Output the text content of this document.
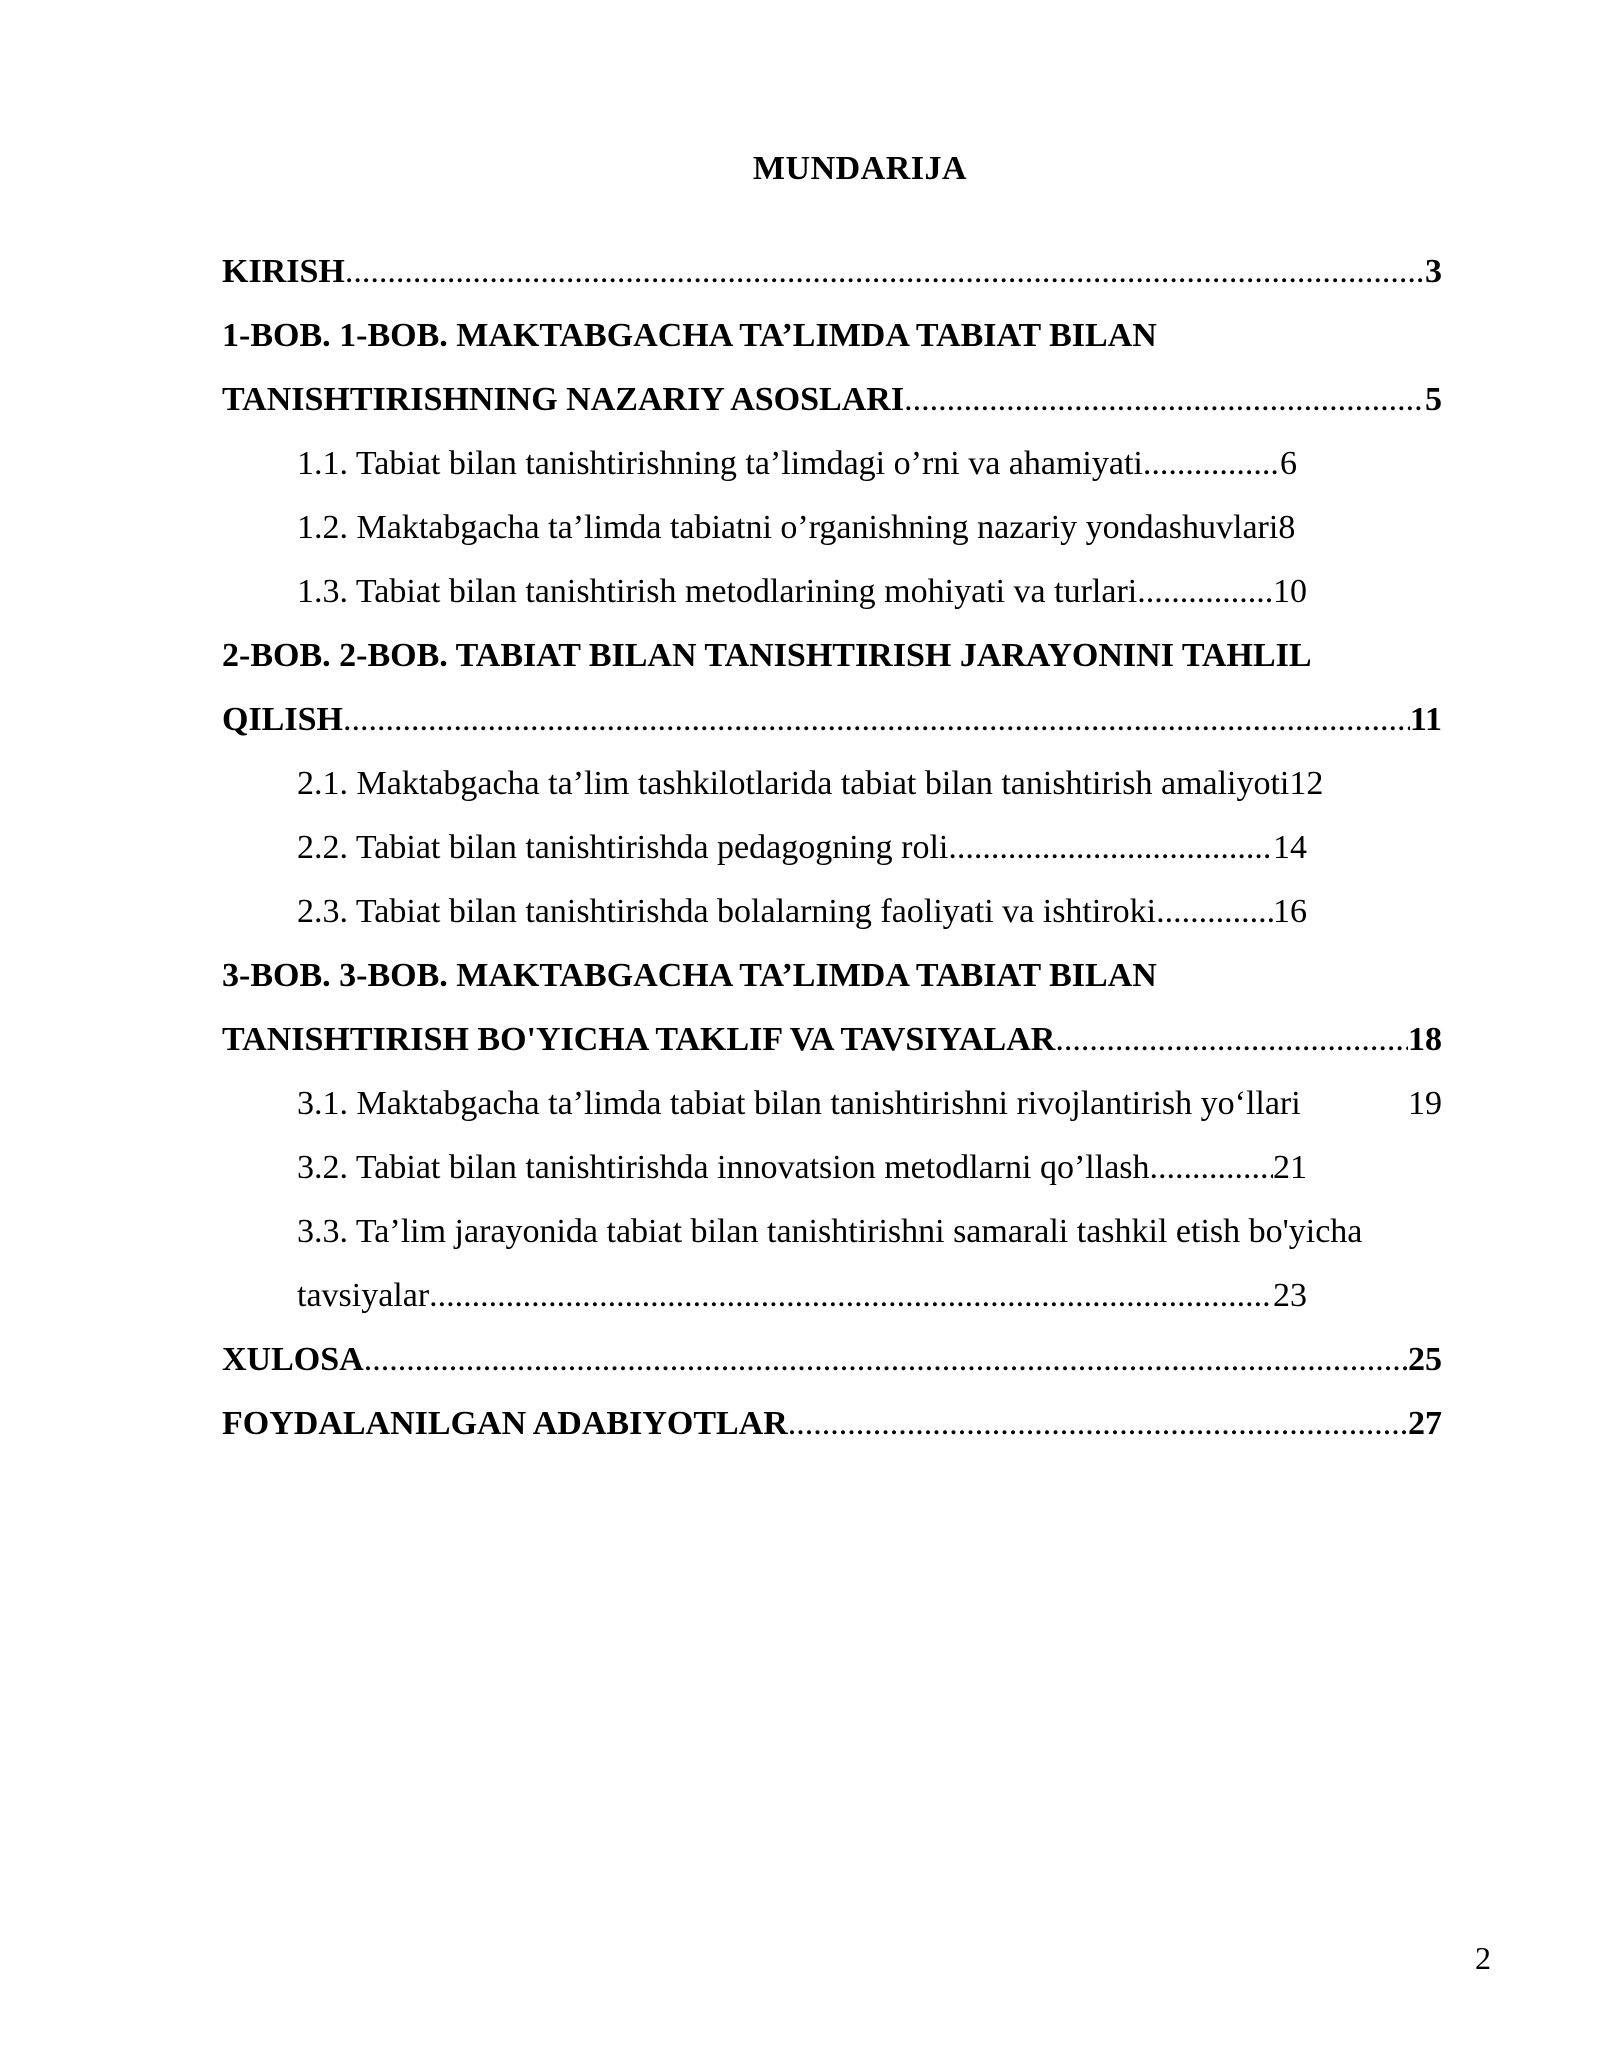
MUNDARIJA
KIRISH .....	3
1-BOB. 1-BOB. MAKTABGACHA TA’LIMDA TABIAT BILAN
TANISHTIRISHNING NAZARIY ASOSLARI .....	5
1.1. Tabiat bilan tanishtirishning ta’limdagi o’rni va ahamiyati .....	6
1.2. Maktabgacha ta’limda tabiatni o’rganishning nazariy yondashuvlari 8
1.3. Tabiat bilan tanishtirish metodlarining mohiyati va turlari .....	10
2-BOB. 2-BOB. TABIAT BILAN TANISHTIRISH JARAYONINI TAHLIL
QILISH .....	11
2.1. Maktabgacha ta’lim tashkilotlarida tabiat bilan tanishtirish amaliyoti 12
2.2. Tabiat bilan tanishtirishda pedagogning roli .....	14
2.3. Tabiat bilan tanishtirishda bolalarning faoliyati va ishtiroki .....	16
3-BOB. 3-BOB. MAKTABGACHA TA’LIMDA TABIAT BILAN
TANISHTIRISH BO'YICHA TAKLIF VA TAVSIYALAR .....	18
3.1. Maktabgacha ta’limda tabiat bilan tanishtirishni rivojlantirish yo‘llari	19
3.2. Tabiat bilan tanishtirishda innovatsion metodlarni qo’llash .....	21
3.3. Ta’lim jarayonida tabiat bilan tanishtirishni samarali tashkil etish bo'yicha
tavsiyalar .....	23
XULOSA .....	25
FOYDALANILGAN ADABIYOTLAR .....	27
2
